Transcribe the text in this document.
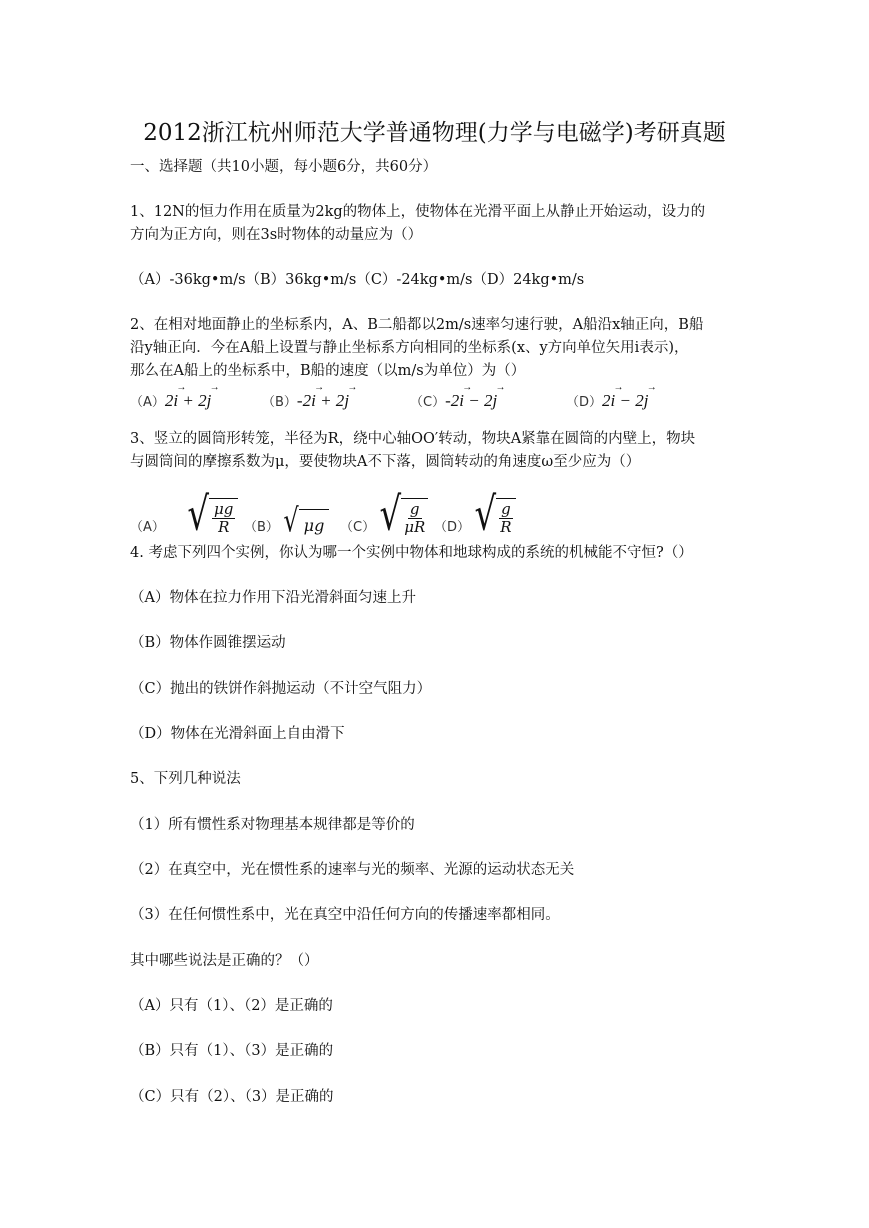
2012浙江杭州师范大学普通物理(力学与电磁学)考研真题
一、选择题（共10小题，每小题6分，共60分）
1、12N的恒力作用在质量为2kg的物体上，使物体在光滑平面上从静止开始运动，设力的
方向为正方向，则在3s时物体的动量应为（）
（A）-36kg•m/s（B）36kg•m/s（C）-24kg•m/s（D）24kg•m/s
2、在相对地面静止的坐标系内，A、B二船都以2m/s速率匀速行驶，A船沿x轴正向，B船
沿y轴正向．今在A船上设置与静止坐标系方向相同的坐标系(x、y方向单位矢用i表示)，
那么在A船上的坐标系中，B船的速度（以m/s为单位）为（）
（A）2i
→
+ 2j
→
（B）-2i
→
+ 2j
→
（C）-2i
→
− 2j
→
（D）2i
→
− 2j
→
3、竖立的圆筒形转笼，半径为R，绕中心轴OO′转动，物块A紧靠在圆筒的内壁上，物块
与圆筒间的摩擦系数为μ，要使物块A不下落，圆筒转动的角速度ω至少应为（）
（A） √ $\frac{\mu g}{R} (B)$ √ μg （C） √ $\frac{g}{\mu R} (D)$ √ $\frac{g}{R}$
4. 考虑下列四个实例，你认为哪一个实例中物体和地球构成的系统的机械能不守恒?（）
（A）物体在拉力作用下沿光滑斜面匀速上升
（B）物体作圆锥摆运动
（C）抛出的铁饼作斜抛运动（不计空气阻力）
（D）物体在光滑斜面上自由滑下
5、下列几种说法
（1）所有惯性系对物理基本规律都是等价的
（2）在真空中，光在惯性系的速率与光的频率、光源的运动状态无关
（3）在任何惯性系中，光在真空中沿任何方向的传播速率都相同。
其中哪些说法是正确的？（）
（A）只有（1）、（2）是正确的
（B）只有（1）、（3）是正确的
（C）只有（2）、（3）是正确的
